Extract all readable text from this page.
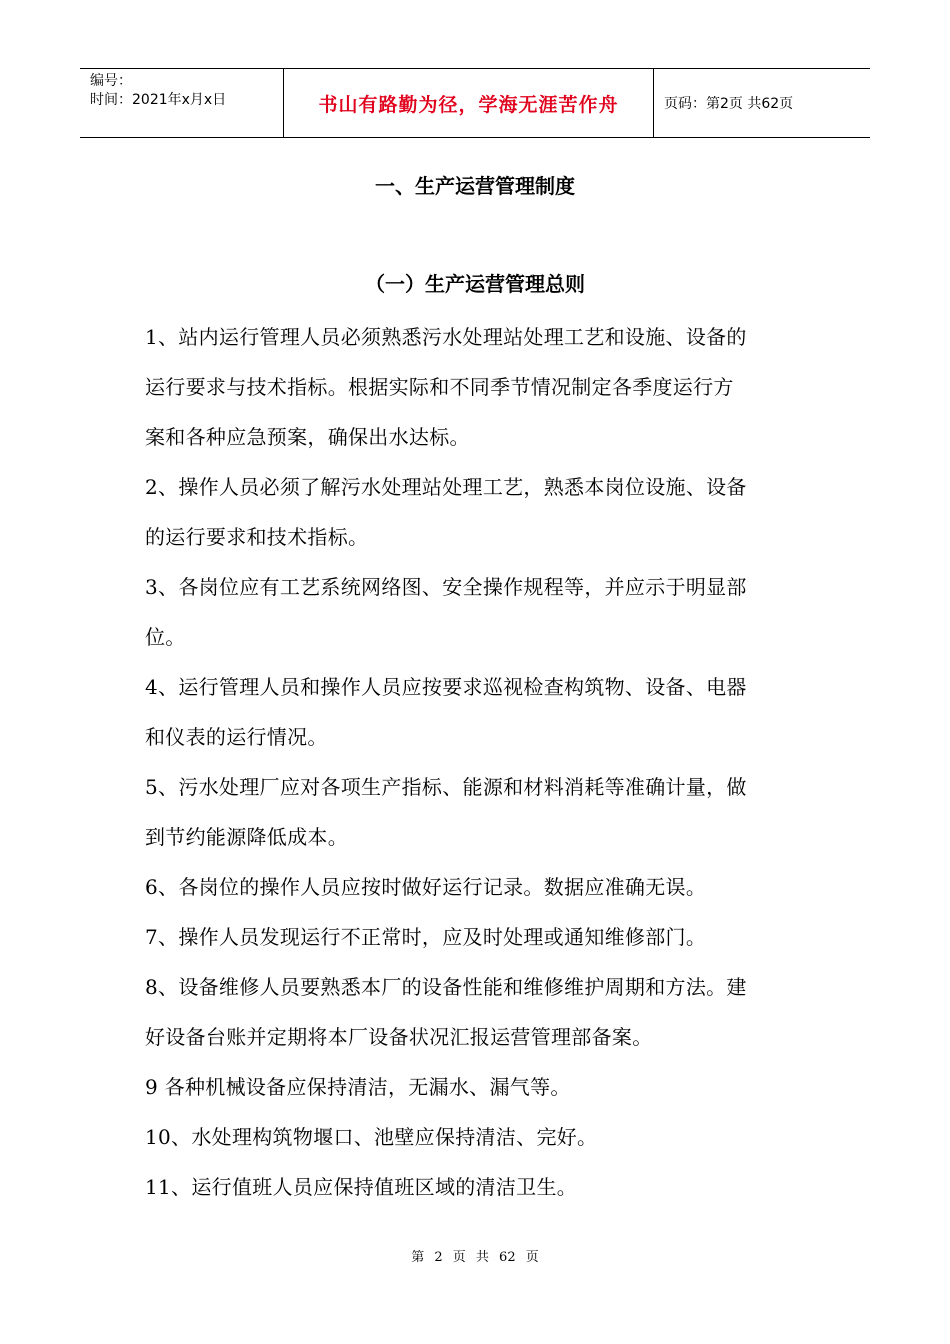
编号：
时间：2021年x月x日	书山有路勤为径，学海无涯苦作舟	页码：第2页 共62页
一、生产运营管理制度
（一）生产运营管理总则

1、站内运行管理人员必须熟悉污水处理站处理工艺和设施、设备的

运行要求与技术指标。根据实际和不同季节情况制定各季度运行方

案和各种应急预案，确保出水达标。

2、操作人员必须了解污水处理站处理工艺，熟悉本岗位设施、设备

的运行要求和技术指标。

3、各岗位应有工艺系统网络图、安全操作规程等，并应示于明显部

位。

4、运行管理人员和操作人员应按要求巡视检查构筑物、设备、电器

和仪表的运行情况。

5、污水处理厂应对各项生产指标、能源和材料消耗等准确计量，做

到节约能源降低成本。

6、各岗位的操作人员应按时做好运行记录。数据应准确无误。

7、操作人员发现运行不正常时，应及时处理或通知维修部门。

8、设备维修人员要熟悉本厂的设备性能和维修维护周期和方法。建

好设备台账并定期将本厂设备状况汇报运营管理部备案。

9 各种机械设备应保持清洁，无漏水、漏气等。

10、水处理构筑物堰口、池壁应保持清洁、完好。

11、运行值班人员应保持值班区域的清洁卫生。

第 2 页 共 62 页
